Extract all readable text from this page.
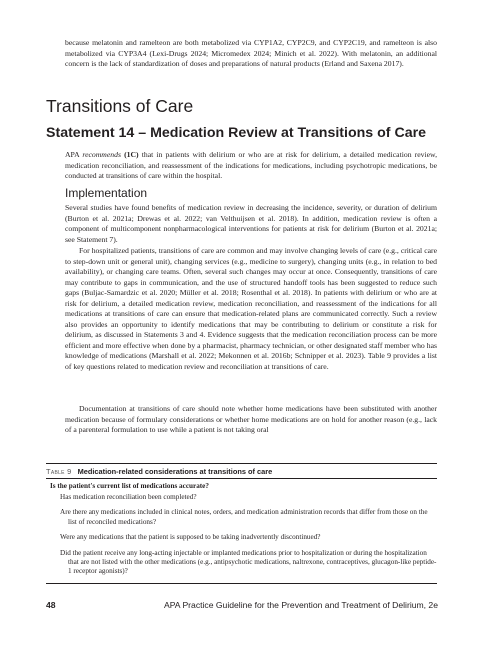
because melatonin and ramelteon are both metabolized via CYP1A2, CYP2C9, and CYP2C19, and ramelteon is also metabolized via CYP3A4 (Lexi-Drugs 2024; Micromedex 2024; Minich et al. 2022). With melatonin, an additional concern is the lack of standardization of doses and preparations of natural products (Erland and Saxena 2017).

Transitions of Care
Statement 14 – Medication Review at Transitions of Care

APA recommends (1C) that in patients with delirium or who are at risk for delirium, a detailed medication review, medication reconciliation, and reassessment of the indications for medications, including psychotropic medications, be conducted at transitions of care within the hospital.

Implementation

Several studies have found benefits of medication review in decreasing the incidence, severity, or duration of delirium (Burton et al. 2021a; Drewas et al. 2022; van Velthuijsen et al. 2018). In addition, medication review is often a component of multicomponent nonpharmacological interventions for patients at risk for delirium (Burton et al. 2021a; see Statement 7).

For hospitalized patients, transitions of care are common and may involve changing levels of care (e.g., critical care to step-down unit or general unit), changing services (e.g., medicine to surgery), changing units (e.g., in relation to bed availability), or changing care teams. Often, several such changes may occur at once. Consequently, transitions of care may contribute to gaps in communication, and the use of structured handoff tools has been suggested to reduce such gaps (Buljac-Samardzic et al. 2020; Müller et al. 2018; Rosenthal et al. 2018). In patients with delirium or who are at risk for delirium, a detailed medication review, medication reconciliation, and reassessment of the indications for all medications at transitions of care can ensure that medication-related plans are communicated correctly. Such a review also provides an opportunity to identify medications that may be contributing to delirium or constitute a risk for delirium, as discussed in Statements 3 and 4. Evidence suggests that the medication reconciliation process can be more efficient and more effective when done by a pharmacist, pharmacy technician, or other designated staff member who has knowledge of medications (Marshall et al. 2022; Mekonnen et al. 2016b; Schnipper et al. 2023). Table 9 provides a list of key questions related to medication review and reconciliation at transitions of care.

Documentation at transitions of care should note whether home medications have been substituted with another medication because of formulary considerations or whether home medications are on hold for another reason (e.g., lack of a parenteral formulation to use while a patient is not taking oral

Table 9 Medication-related considerations at transitions of care
Is the patient's current list of medications accurate?
Has medication reconciliation been completed?
Are there any medications included in clinical notes, orders, and medication administration records that differ from those on the list of reconciled medications?
Were any medications that the patient is supposed to be taking inadvertently discontinued?
Did the patient receive any long-acting injectable or implanted medications prior to hospitalization or during the hospitalization that are not listed with the other medications (e.g., antipsychotic medications, naltrexone, contraceptives, glucagon-like peptide-1 receptor agonists)?

48	APA Practice Guideline for the Prevention and Treatment of Delirium, 2e
